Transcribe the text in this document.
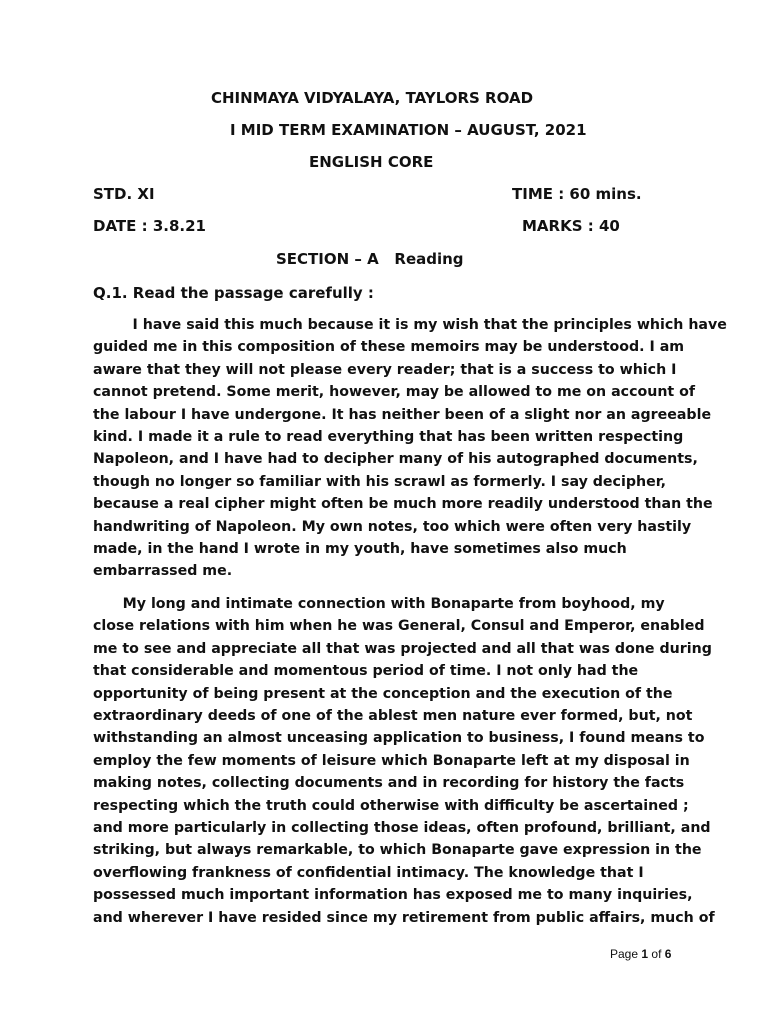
CHINMAYA VIDYALAYA, TAYLORS ROAD
I MID TERM EXAMINATION – AUGUST, 2021
ENGLISH CORE
STD. XI	TIME : 60 mins.
DATE : 3.8.21	MARKS : 40
SECTION – A   Reading
Q.1. Read the passage carefully :
I have said this much because it is my wish that the principles which have
guided me in this composition of these memoirs may be understood. I am
aware that they will not please every reader; that is a success to which I
cannot pretend. Some merit, however, may be allowed to me on account of
the labour I have undergone. It has neither been of a slight nor an agreeable
kind. I made it a rule to read everything that has been written respecting
Napoleon, and I have had to decipher many of his autographed documents,
though no longer so familiar with his scrawl as formerly. I say decipher,
because a real cipher might often be much more readily understood than the
handwriting of Napoleon. My own notes, too which were often very hastily
made, in the hand I wrote in my youth, have sometimes also much
embarrassed me.
My long and intimate connection with Bonaparte from boyhood, my
close relations with him when he was General, Consul and Emperor, enabled
me to see and appreciate all that was projected and all that was done during
that considerable and momentous period of time. I not only had the
opportunity of being present at the conception and the execution of the
extraordinary deeds of one of the ablest men nature ever formed, but, not
withstanding an almost unceasing application to business, I found means to
employ the few moments of leisure which Bonaparte left at my disposal in
making notes, collecting documents and in recording for history the facts
respecting which the truth could otherwise with difficulty be ascertained ;
and more particularly in collecting those ideas, often profound, brilliant, and
striking, but always remarkable, to which Bonaparte gave expression in the
overflowing frankness of confidential intimacy. The knowledge that I
possessed much important information has exposed me to many inquiries,
and wherever I have resided since my retirement from public affairs, much of
Page 1 of 6
